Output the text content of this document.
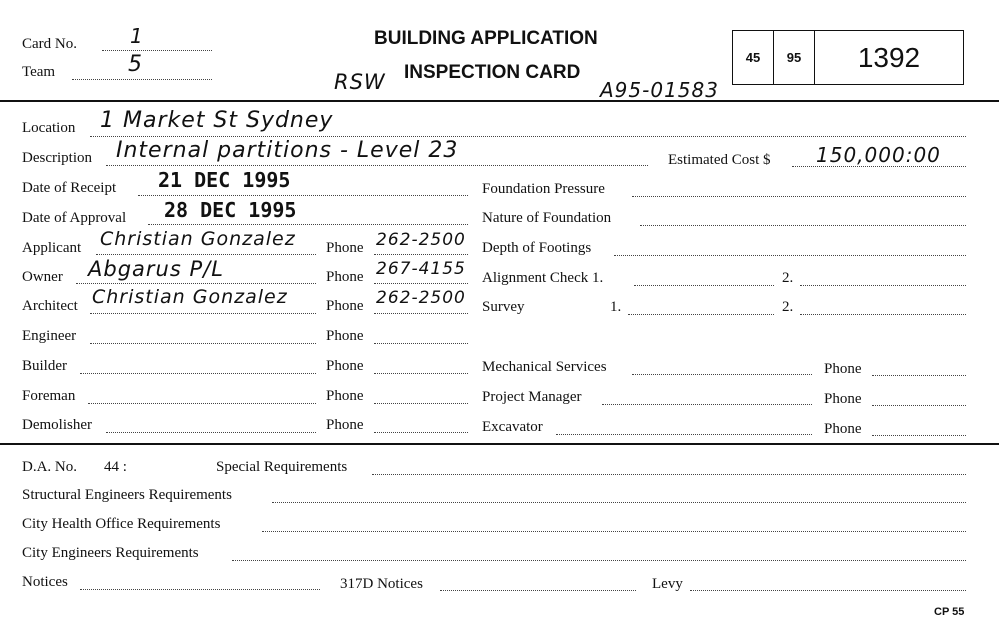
Card No.	1
Team	5
BUILDING APPLICATION
INSPECTION CARD
RSW	A95-01583
45	95	1392
Location 1 Market St Sydney
Description Internal partitions - Level 23	Estimated Cost $ 150,000:00
Date of Receipt 21 DEC 1995
Date of Approval 28 DEC 1995
Applicant Christian Gonzalez Phone 262-2500
Owner Abgarus P/L	Phone 267-4155
Architect Christian Gonzalez	Phone 262-2500
Engineer	Phone
Builder	Phone
Foreman	Phone
Demolisher	Phone
Foundation Pressure
Nature of Foundation
Depth of Footings
Alignment Check 1.	2.
Survey	1.	2.
Mechanical Services	Phone
Project Manager	Phone
Excavator	Phone
D.A. No. 44 :	Special Requirements
Structural Engineers Requirements
City Health Office Requirements
City Engineers Requirements
Notices	317D Notices	Levy
CP 55
